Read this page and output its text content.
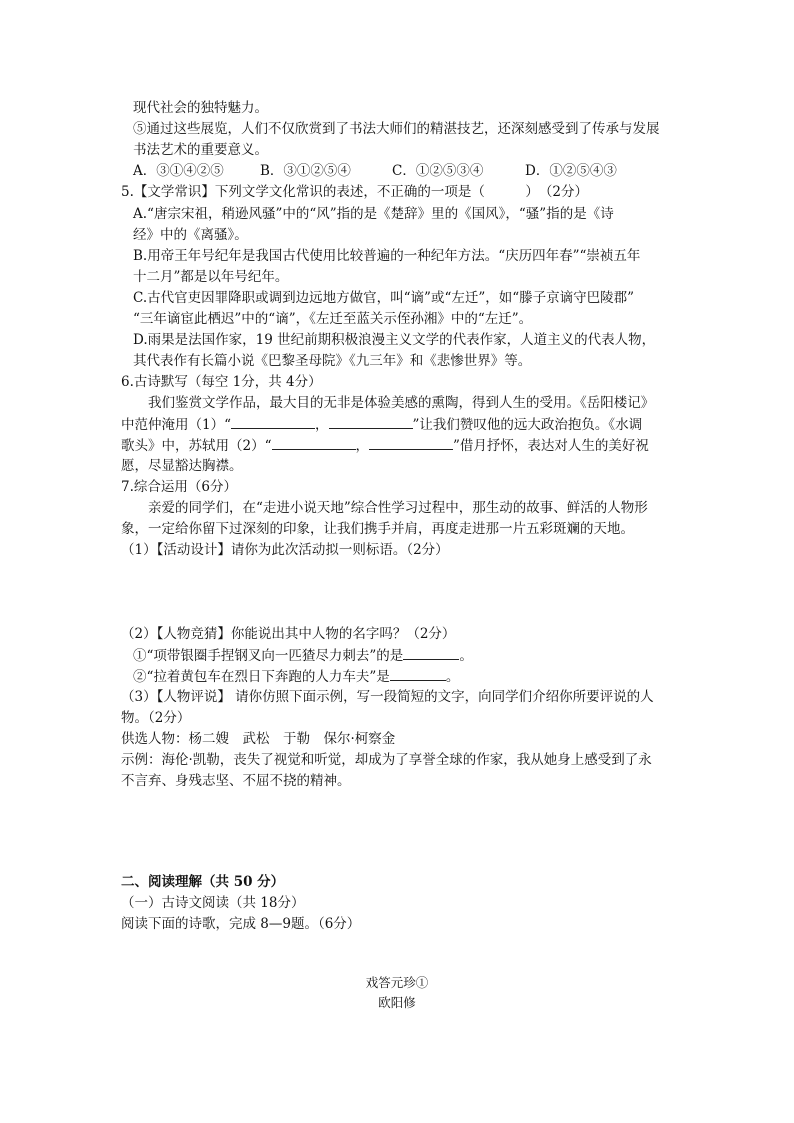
现代社会的独特魅力。
⑤通过这些展览，人们不仅欣赏到了书法大师们的精湛技艺，还深刻感受到了传承与发展
书法艺术的重要意义。
A．③①④②⑤	B．③①②⑤④	C．①②⑤③④	D．①②⑤④③
5.【文学常识】下列文学文化常识的表述，不正确的一项是（　　　）　（2分）
A.“唐宗宋祖，稍逊风骚”中的“风”指的是《楚辞》里的《国风》，“骚”指的是《诗
经》中的《离骚》。
B.用帝王年号纪年是我国古代使用比较普遍的一种纪年方法。“庆历四年春”“崇祯五年
十二月”都是以年号纪年。
C.古代官吏因罪降职或调到边远地方做官，叫“谪”或“左迁”，如“滕子京谪守巴陵郡”
“三年谪宦此栖迟”中的“谪”，《左迁至蓝关示侄孙湘》中的“左迁”。
D.雨果是法国作家，19 世纪前期积极浪漫主义文学的代表作家，人道主义的代表人物，
其代表作有长篇小说《巴黎圣母院》《九三年》和《悲惨世界》等。
6.古诗默写（每空 1分，共 4分）
我们鉴赏文学作品，最大目的无非是体验美感的熏陶，得到人生的受用。《岳阳楼记》
中范仲淹用（1）“	，	”让我们赞叹他的远大政治抱负。《水调
歌头》中，苏轼用（2）“	，	”借月抒怀，表达对人生的美好祝
愿，尽显豁达胸襟。
7.综合运用（6分）
亲爱的同学们，在“走进小说天地”综合性学习过程中，那生动的故事、鲜活的人物形
象，一定给你留下过深刻的印象，让我们携手并肩，再度走进那一片五彩斑斓的天地。
（1）【活动设计】请你为此次活动拟一则标语。（2分）
（2）【人物竞猜】你能说出其中人物的名字吗？（2分）
①“项带银圈手捏钢叉向一匹猹尽力刺去”的是	。
②“拉着黄包车在烈日下奔跑的人力车夫”是	。
（3）【人物评说】 请你仿照下面示例，写一段简短的文字，向同学们介绍你所要评说的人
物。（2分）
供选人物：杨二嫂　武松　于勒　保尔·柯察金
示例：海伦·凯勒，丧失了视觉和听觉，却成为了享誉全球的作家，我从她身上感受到了永
不言弃、身残志坚、不屈不挠的精神。
二、阅读理解（共 50 分）
（一）古诗文阅读（共 18分）
阅读下面的诗歌，完成 8—9题。（6分）
戏答元珍①
欧阳修
